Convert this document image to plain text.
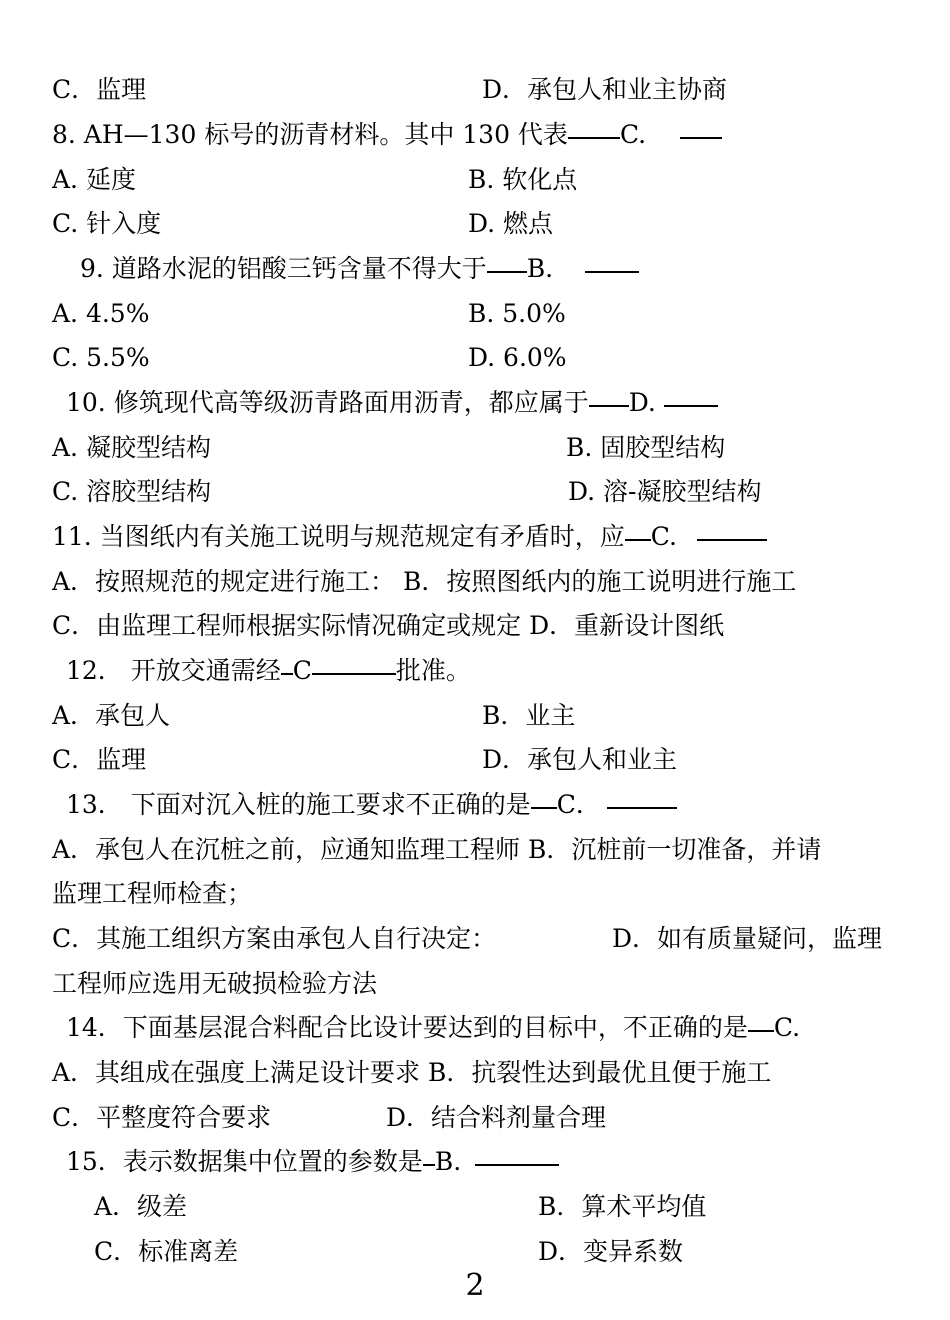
C．监理	D．承包人和业主协商
8. AH—130 标号的沥青材料。其中 130 代表 C.
A. 延度	B. 软化点
C. 针入度	D. 燃点
9. 道路水泥的铝酸三钙含量不得大于 B.
A. 4.5%	B. 5.0%
C. 5.5%	D. 6.0%
10. 修筑现代高等级沥青路面用沥青，都应属于 D.
A. 凝胶型结构	B. 固胶型结构
C. 溶胶型结构	D. 溶-凝胶型结构
11. 当图纸内有关施工说明与规范规定有矛盾时，应 C.
A．按照规范的规定进行施工： B．按照图纸内的施工说明进行施工
C．由监理工程师根据实际情况确定或规定 D．重新设计图纸
12． 开放交通需经 C	批准。
A．承包人	B．业主
C．监理	D．承包人和业主
13． 下面对沉入桩的施工要求不正确的是 C．
A．承包人在沉桩之前，应通知监理工程师 B．沉桩前一切准备，并请
监理工程师检查；
C．其施工组织方案由承包人自行决定：	D．如有质量疑问，监理
工程师应选用无破损检验方法
14．下面基层混合料配合比设计要达到的目标中，不正确的是 C.
A．其组成在强度上满足设计要求 B．抗裂性达到最优且便于施工
C．平整度符合要求	D．结合料剂量合理
15．表示数据集中位置的参数是 B.
A．级差	B．算术平均值
C．标准离差	D．变异系数
2
